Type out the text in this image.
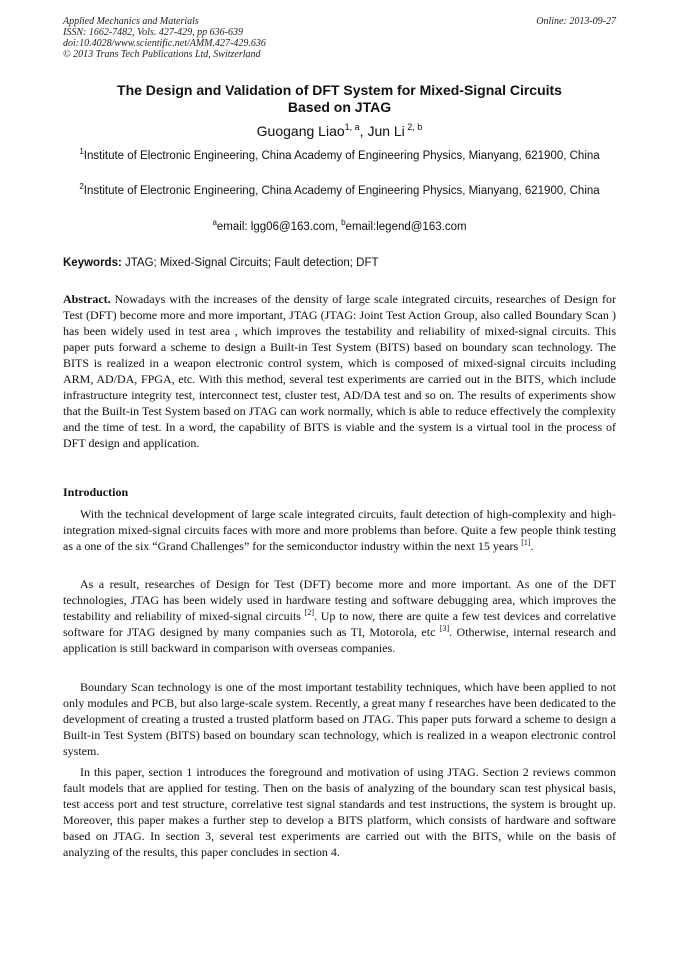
Applied Mechanics and Materials
ISSN: 1662-7482, Vols. 427-429, pp 636-639
doi:10.4028/www.scientific.net/AMM.427-429.636
© 2013 Trans Tech Publications Ltd, Switzerland
Online: 2013-09-27
The Design and Validation of DFT System for Mixed-Signal Circuits
Based on JTAG
Guogang Liao$^{1, a}$, Jun Li $^{2, b}$
$^1$Institute of Electronic Engineering, China Academy of Engineering Physics, Mianyang, 621900, China
$^2$Institute of Electronic Engineering, China Academy of Engineering Physics, Mianyang, 621900, China
$^a$email: lgg06@163.com, $^b$email:legend@163.com
Keywords: JTAG; Mixed-Signal Circuits; Fault detection; DFT
Abstract. Nowadays with the increases of the density of large scale integrated circuits, researches of Design for Test (DFT) become more and more important, JTAG (JTAG: Joint Test Action Group, also called Boundary Scan ) has been widely used in test area , which improves the testability and reliability of mixed-signal circuits. This paper puts forward a scheme to design a Built-in Test System (BITS) based on boundary scan technology. The BITS is realized in a weapon electronic control system, which is composed of mixed-signal circuits including ARM, AD/DA, FPGA, etc. With this method, several test experiments are carried out in the BITS, which include infrastructure integrity test, interconnect test, cluster test, AD/DA test and so on. The results of experiments show that the Built-in Test System based on JTAG can work normally, which is able to reduce effectively the complexity and the time of test. In a word, the capability of BITS is viable and the system is a virtual tool in the process of DFT design and application.
Introduction
With the technical development of large scale integrated circuits, fault detection of high-complexity and high-integration mixed-signal circuits faces with more and more problems than before. Quite a few people think testing as a one of the six “Grand Challenges” for the semiconductor industry within the next 15 years [1].
As a result, researches of Design for Test (DFT) become more and more important. As one of the DFT technologies, JTAG has been widely used in hardware testing and software debugging area, which improves the testability and reliability of mixed-signal circuits [2]. Up to now, there are quite a few test devices and correlative software for JTAG designed by many companies such as TI, Motorola, etc [3]. Otherwise, internal research and application is still backward in comparison with overseas companies.
Boundary Scan technology is one of the most important testability techniques, which have been applied to not only modules and PCB, but also large-scale system. Recently, a great many f researches have been dedicated to the development of creating a trusted a trusted platform based on JTAG. This paper puts forward a scheme to design a Built-in Test System (BITS) based on boundary scan technology, which is realized in a weapon electronic control system.
In this paper, section 1 introduces the foreground and motivation of using JTAG. Section 2 reviews common fault models that are applied for testing. Then on the basis of analyzing of the boundary scan test physical basis, test access port and test structure, correlative test signal standards and test instructions, the system is brought up. Moreover, this paper makes a further step to develop a BITS platform, which consists of hardware and software based on JTAG. In section 3, several test experiments are carried out with the BITS, while on the basis of analyzing of the results, this paper concludes in section 4.
